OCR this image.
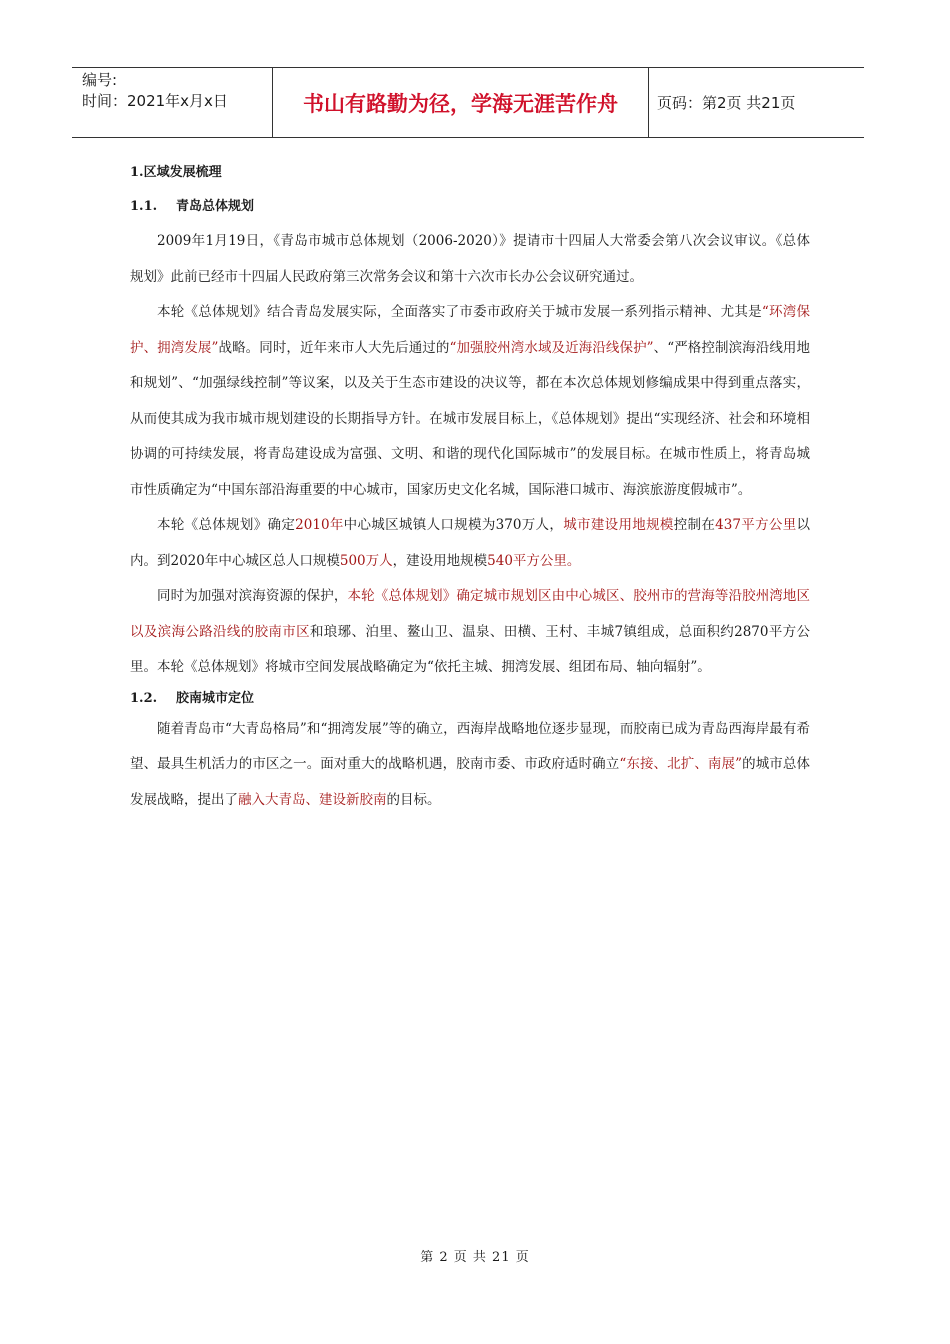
编号:
时间：2021年x月x日	书山有路勤为径，学海无涯苦作舟	页码：第2页 共21页

1.区域发展梳理

1.1. 青岛总体规划

2009年1月19日，《青岛市城市总体规划（2006-2020）》提请市十四届人大常委会第八次会议审议。《总体规划》此前已经市十四届人民政府第三次常务会议和第十六次市长办公会议研究通过。

本轮《总体规划》结合青岛发展实际，全面落实了市委市政府关于城市发展一系列指示精神、尤其是“环湾保护、拥湾发展”战略。同时，近年来市人大先后通过的“加强胶州湾水域及近海沿线保护”、“严格控制滨海沿线用地和规划”、“加强绿线控制”等议案，以及关于生态市建设的决议等，都在本次总体规划修编成果中得到重点落实，从而使其成为我市城市规划建设的长期指导方针。在城市发展目标上，《总体规划》提出“实现经济、社会和环境相协调的可持续发展，将青岛建设成为富强、文明、和谐的现代化国际城市”的发展目标。在城市性质上，将青岛城市性质确定为“中国东部沿海重要的中心城市，国家历史文化名城，国际港口城市、海滨旅游度假城市”。

本轮《总体规划》确定2010年中心城区城镇人口规模为370万人，城市建设用地规模控制在437平方公里以内。到2020年中心城区总人口规模500万人，建设用地规模540平方公里。

同时为加强对滨海资源的保护，本轮《总体规划》确定城市规划区由中心城区、胶州市的营海等沿胶州湾地区以及滨海公路沿线的胶南市区和琅琊、泊里、鳌山卫、温泉、田横、王村、丰城7镇组成，总面积约2870平方公里。本轮《总体规划》将城市空间发展战略确定为“依托主城、拥湾发展、组团布局、轴向辐射”。

1.2. 胶南城市定位

随着青岛市“大青岛格局”和“拥湾发展”等的确立，西海岸战略地位逐步显现，而胶南已成为青岛西海岸最有希望、最具生机活力的市区之一。面对重大的战略机遇，胶南市委、市政府适时确立“东接、北扩、南展”的城市总体发展战略，提出了融入大青岛、建设新胶南的目标。

第 2 页 共 21 页
